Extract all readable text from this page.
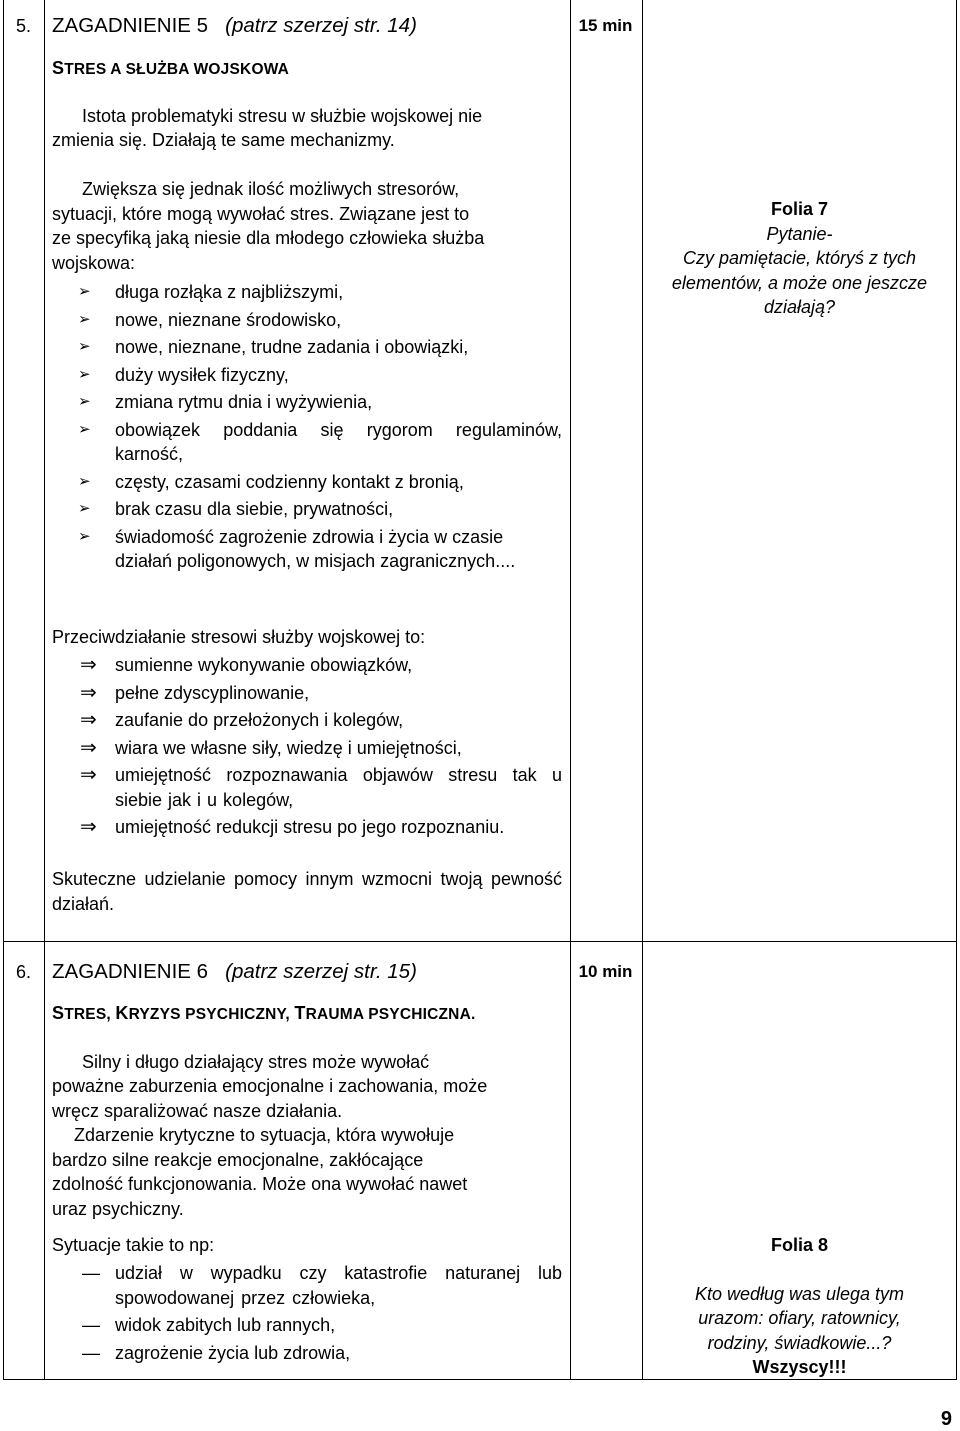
5. ZAGADNIENIE 5 (patrz szerzej str. 14)	15 min
STRES A SŁUŻBA WOJSKOWA
Istota problematyki stresu w służbie wojskowej nie
zmienia się. Działają te same mechanizmy.
Zwiększa się jednak ilość możliwych stresorów,
sytuacji, które mogą wywołać stres. Związane jest to
ze specyfiką jaką niesie dla młodego człowieka służba
wojskowa:
➢ długa rozłąka z najbliższymi,
➢ nowe, nieznane środowisko,
➢ nowe, nieznane, trudne zadania i obowiązki,
➢ duży wysiłek fizyczny,
➢ zmiana rytmu dnia i wyżywienia,
➢ obowiązek poddania się rygorom regulaminów, karność,
➢ częsty, czasami codzienny kontakt z bronią,
➢ brak czasu dla siebie, prywatności,
➢ świadomość zagrożenie zdrowia i życia w czasie działań poligonowych, w misjach zagranicznych....
Przeciwdziałanie stresowi służby wojskowej to:
⇒ sumienne wykonywanie obowiązków,
⇒ pełne zdyscyplinowanie,
⇒ zaufanie do przełożonych i kolegów,
⇒ wiara we własne siły, wiedzę i umiejętności,
⇒ umiejętność rozpoznawania objawów stresu tak u siebie jak i u kolegów,
⇒ umiejętność redukcji stresu po jego rozpoznaniu.
Skuteczne udzielanie pomocy innym wzmocni twoją pewność działań.
Folia 7
Pytanie-
Czy pamiętacie, któryś z tych
elementów, a może one jeszcze
działają?
6. ZAGADNIENIE 6 (patrz szerzej str. 15)	10 min
STRES, KRYZYS PSYCHICZNY, TRAUMA PSYCHICZNA.
Silny i długo działający stres może wywołać
poważne zaburzenia emocjonalne i zachowania, może
wręcz sparaliżować nasze działania.
Zdarzenie krytyczne to sytuacja, która wywołuje
bardzo silne reakcje emocjonalne, zakłócające
zdolność funkcjonowania. Może ona wywołać nawet
uraz psychiczny.
Sytuacje takie to np:
— udział w wypadku czy katastrofie naturanej lub spowodowanej przez człowieka,
— widok zabitych lub rannych,
— zagrożenie życia lub zdrowia,
Folia 8
Kto według was ulega tym
urazom: ofiary, ratownicy,
rodziny, świadkowie...?
Wszyscy!!!
9
